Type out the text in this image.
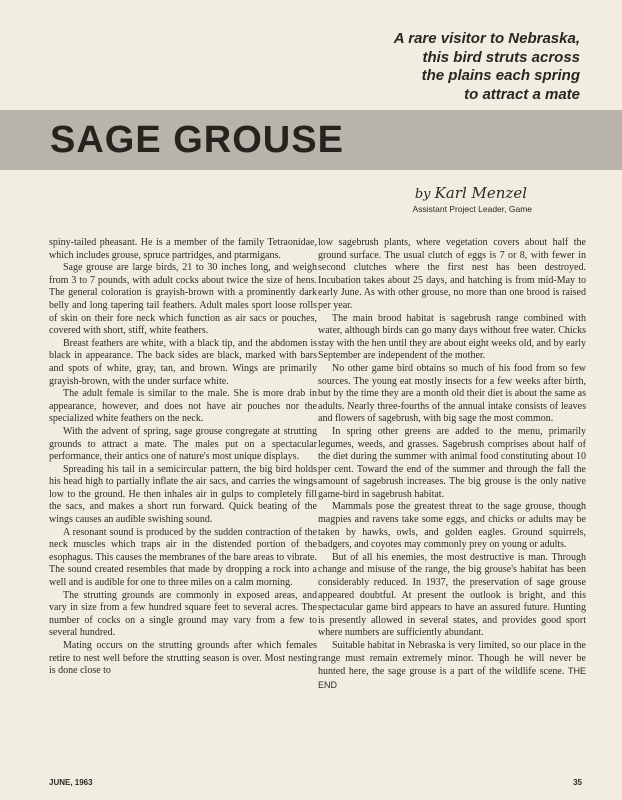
A rare visitor to Nebraska,
this bird struts across
the plains each spring
to attract a mate
SAGE GROUSE
by Karl Menzel
Assistant Project Leader, Game

spiny-tailed pheasant. He is a member of the family Tetraonidae, which includes grouse, spruce partridges, and ptarmigans.

Sage grouse are large birds, 21 to 30 inches long, and weigh from 3 to 7 pounds, with adult cocks about twice the size of hens. The general coloration is grayish-brown with a prominently dark belly and long tapering tail feathers. Adult males sport loose rolls of skin on their fore neck which function as air sacs or pouches, covered with short, stiff, white feathers.

Breast feathers are white, with a black tip, and the abdomen is black in appearance. The back sides are black, marked with bars and spots of white, gray, tan, and brown. Wings are primarily grayish-brown, with the under surface white.

The adult female is similar to the male. She is more drab in appearance, however, and does not have air pouches nor the specialized white feathers on the neck.

With the advent of spring, sage grouse congregate at strutting grounds to attract a mate. The males put on a spectacular performance, their antics one of nature's most unique displays.

Spreading his tail in a semicircular pattern, the big bird holds his head high to partially inflate the air sacs, and carries the wings low to the ground. He then inhales air in gulps to completely fill the sacs, and makes a short run forward. Quick beating of the wings causes an audible swishing sound.

A resonant sound is produced by the sudden contraction of the neck muscles which traps air in the distended portion of the esophagus. This causes the membranes of the bare areas to vibrate. The sound created resembles that made by dropping a rock into a well and is audible for one to three miles on a calm morning.

The strutting grounds are commonly in exposed areas, and vary in size from a few hundred square feet to several acres. The number of cocks on a single ground may vary from a few to several hundred.

Mating occurs on the strutting grounds after which females retire to nest well before the strutting season is over. Most nesting is done close to

low sagebrush plants, where vegetation covers about half the ground surface. The usual clutch of eggs is 7 or 8, with fewer in second clutches where the first nest has been destroyed. Incubation takes about 25 days, and hatching is from mid-May to early June. As with other grouse, no more than one brood is raised per year.

The main brood habitat is sagebrush range combined with water, although birds can go many days without free water. Chicks stay with the hen until they are about eight weeks old, and by early September are independent of the mother.

No other game bird obtains so much of his food from so few sources. The young eat mostly insects for a few weeks after birth, but by the time they are a month old their diet is about the same as adults. Nearly three-fourths of the annual intake consists of leaves and flowers of sagebrush, with big sage the most common.

In spring other greens are added to the menu, primarily legumes, weeds, and grasses. Sagebrush comprises about half of the diet during the summer with animal food constituting about 10 per cent. Toward the end of the summer and through the fall the amount of sagebrush increases. The big grouse is the only native game-bird in sagebrush habitat.

Mammals pose the greatest threat to the sage grouse, though magpies and ravens take some eggs, and chicks or adults may be taken by hawks, owls, and golden eagles. Ground squirrels, badgers, and coyotes may commonly prey on young or adults.

But of all his enemies, the most destructive is man. Through change and misuse of the range, the big grouse's habitat has been considerably reduced. In 1937, the preservation of sage grouse appeared doubtful. At present the outlook is bright, and this spectacular game bird appears to have an assured future. Hunting is presently allowed in several states, and provides good sport where numbers are sufficiently abundant.

Suitable habitat in Nebraska is very limited, so our place in the range must remain extremely minor. Though he will never be hunted here, the sage grouse is a part of the wildlife scene. THE END

JUNE, 1963	35
